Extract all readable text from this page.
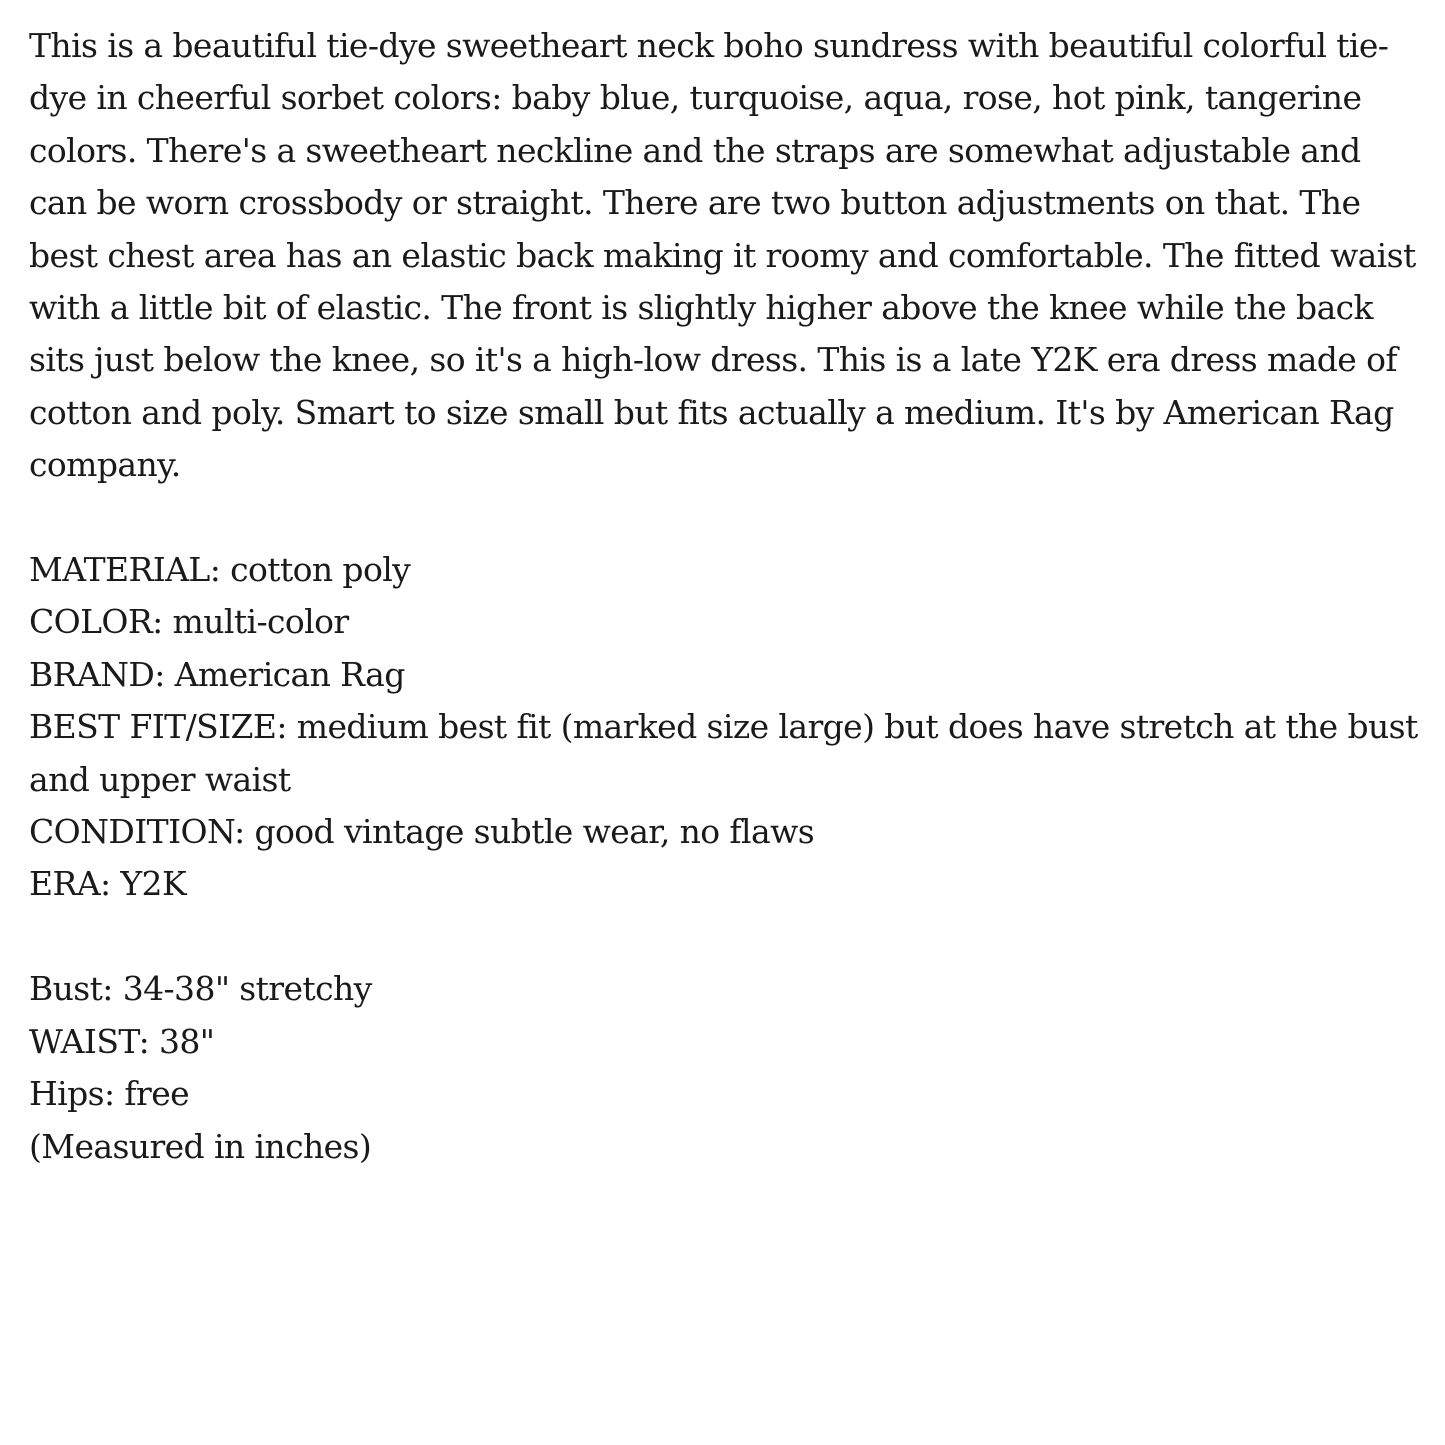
This is a beautiful tie-dye sweetheart neck boho sundress with beautiful colorful tie-dye in cheerful sorbet colors: baby blue, turquoise, aqua, rose, hot pink, tangerine colors. There's a sweetheart neckline and the straps are somewhat adjustable and can be worn crossbody or straight. There are two button adjustments on that. The best chest area has an elastic back making it roomy and comfortable. The fitted waist with a little bit of elastic. The front is slightly higher above the knee while the back sits just below the knee, so it's a high-low dress. This is a late Y2K era dress made of cotton and poly. Smart to size small but fits actually a medium. It's by American Rag company.

MATERIAL: cotton poly
COLOR: multi-color
BRAND: American Rag
BEST FIT/SIZE: medium best fit (marked size large) but does have stretch at the bust and upper waist
CONDITION: good vintage subtle wear, no flaws
ERA: Y2K
Bust: 34-38" stretchy
WAIST: 38"
Hips: free
(Measured in inches)
